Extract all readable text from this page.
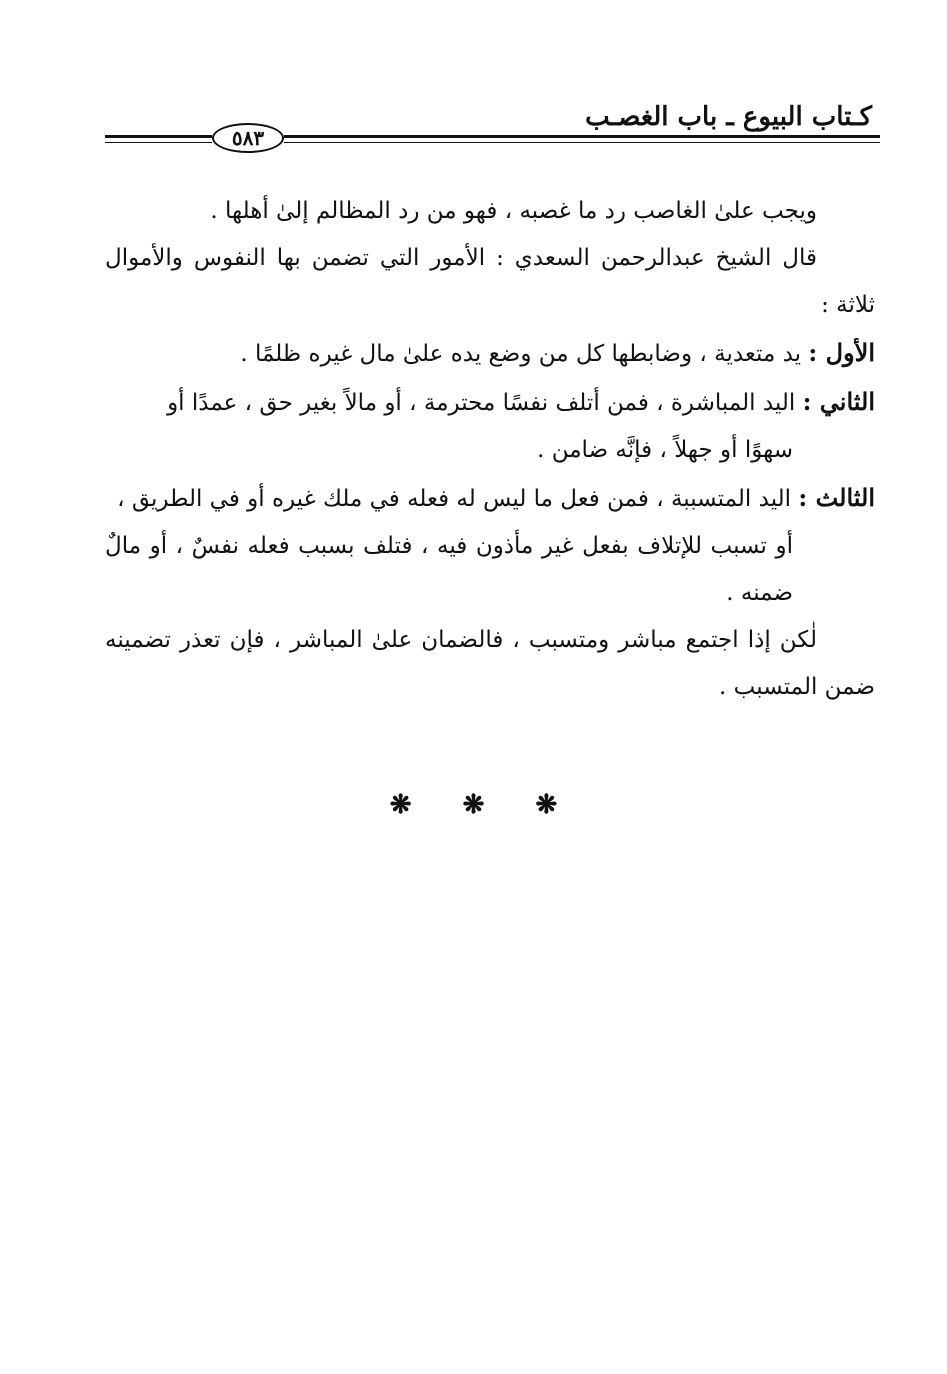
كـتاب البيوع ـ باب الغصـب
٥٨٣

ويجب علىٰ الغاصب رد ما غصبه ، فهو من رد المظالم إلىٰ أهلها .

قال الشيخ عبدالرحمن السعدي : الأمور التي تضمن بها النفوس والأموال ثلاثة :

الأول : يد متعدية ، وضابطها كل من وضع يده علىٰ مال غيره ظلمًا .

الثاني : اليد المباشرة ، فمن أتلف نفسًا محترمة ، أو مالاً بغير حق ، عمدًا أو

سهوًا أو جهلاً ، فإنَّه ضامن .

الثالث : اليد المتسببة ، فمن فعل ما ليس له فعله في ملك غيره أو في الطريق ،

أو تسبب للإتلاف بفعل غير مأذون فيه ، فتلف بسبب فعله نفسٌ ، أو مالٌ ضمنه .

لٰكن إذا اجتمع مباشر ومتسبب ، فالضمان علىٰ المباشر ، فإن تعذر تضمينه ضمن المتسبب .

❋ ❋ ❋
